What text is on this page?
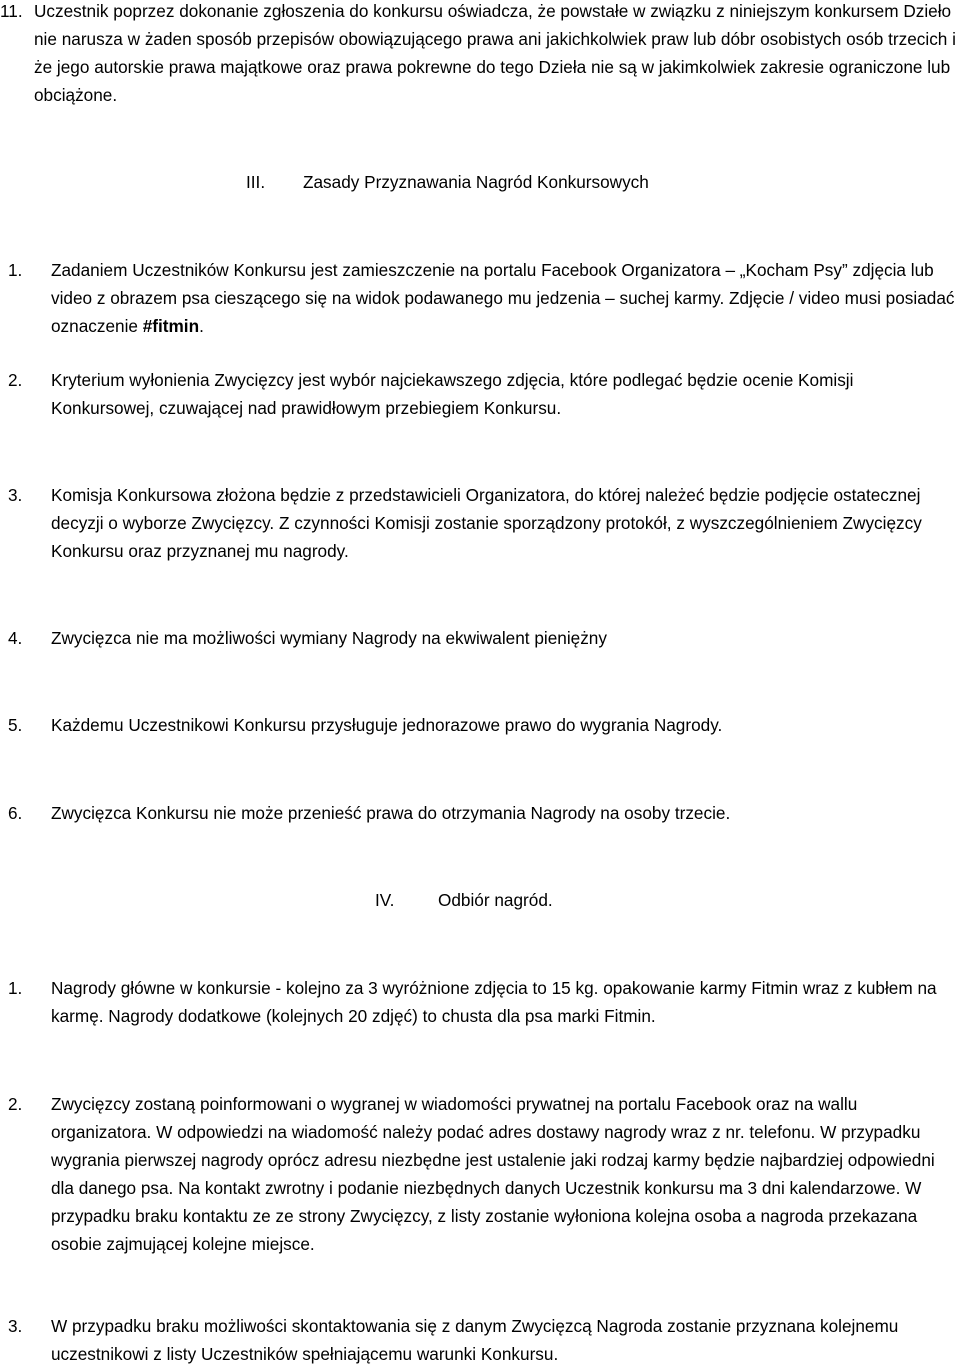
11. Uczestnik poprzez dokonanie zgłoszenia do konkursu oświadcza, że powstałe w związku z niniejszym konkursem Dzieło nie narusza w żaden sposób przepisów obowiązującego prawa ani jakichkolwiek praw lub dóbr osobistych osób trzecich i że jego autorskie prawa majątkowe oraz prawa pokrewne do tego Dzieła nie są w jakimkolwiek zakresie ograniczone lub obciążone.

III. Zasady Przyznawania Nagród Konkursowych
1. Zadaniem Uczestników Konkursu jest zamieszczenie na portalu Facebook Organizatora – „Kocham Psy” zdjęcia lub video z obrazem psa cieszącego się na widok podawanego mu jedzenia – suchej karmy. Zdjęcie / video musi posiadać oznaczenie #fitmin.

2. Kryterium wyłonienia Zwycięzcy jest wybór najciekawszego zdjęcia, które podlegać będzie ocenie Komisji Konkursowej, czuwającej nad prawidłowym przebiegiem Konkursu.

3. Komisja Konkursowa złożona będzie z przedstawicieli Organizatora, do której należeć będzie podjęcie ostatecznej decyzji o wyborze Zwycięzcy. Z czynności Komisji zostanie sporządzony protokół, z wyszczególnieniem Zwycięzcy Konkursu oraz przyznanej mu nagrody.

4. Zwycięzca nie ma możliwości wymiany Nagrody na ekwiwalent pieniężny

5. Każdemu Uczestnikowi Konkursu przysługuje jednorazowe prawo do wygrania Nagrody.

6. Zwycięzca Konkursu nie może przenieść prawa do otrzymania Nagrody na osoby trzecie.

IV.	Odbiór nagród.
1. Nagrody główne w konkursie - kolejno za 3 wyróżnione zdjęcia to 15 kg. opakowanie karmy Fitmin wraz z kubłem na karmę. Nagrody dodatkowe (kolejnych 20 zdjęć) to chusta dla psa marki Fitmin.

2. Zwycięzcy zostaną poinformowani o wygranej w wiadomości prywatnej na portalu Facebook oraz na wallu organizatora. W odpowiedzi na wiadomość należy podać adres dostawy nagrody wraz z nr. telefonu. W przypadku wygrania pierwszej nagrody oprócz adresu niezbędne jest ustalenie jaki rodzaj karmy będzie najbardziej odpowiedni dla danego psa. Na kontakt zwrotny i podanie niezbędnych danych Uczestnik konkursu ma 3 dni kalendarzowe. W przypadku braku kontaktu ze ze strony Zwycięzcy, z listy zostanie wyłoniona kolejna osoba a nagroda przekazana osobie zajmującej kolejne miejsce.

3. W przypadku braku możliwości skontaktowania się z danym Zwycięzcą Nagroda zostanie przyznana kolejnemu uczestnikowi z listy Uczestników spełniającemu warunki Konkursu.
